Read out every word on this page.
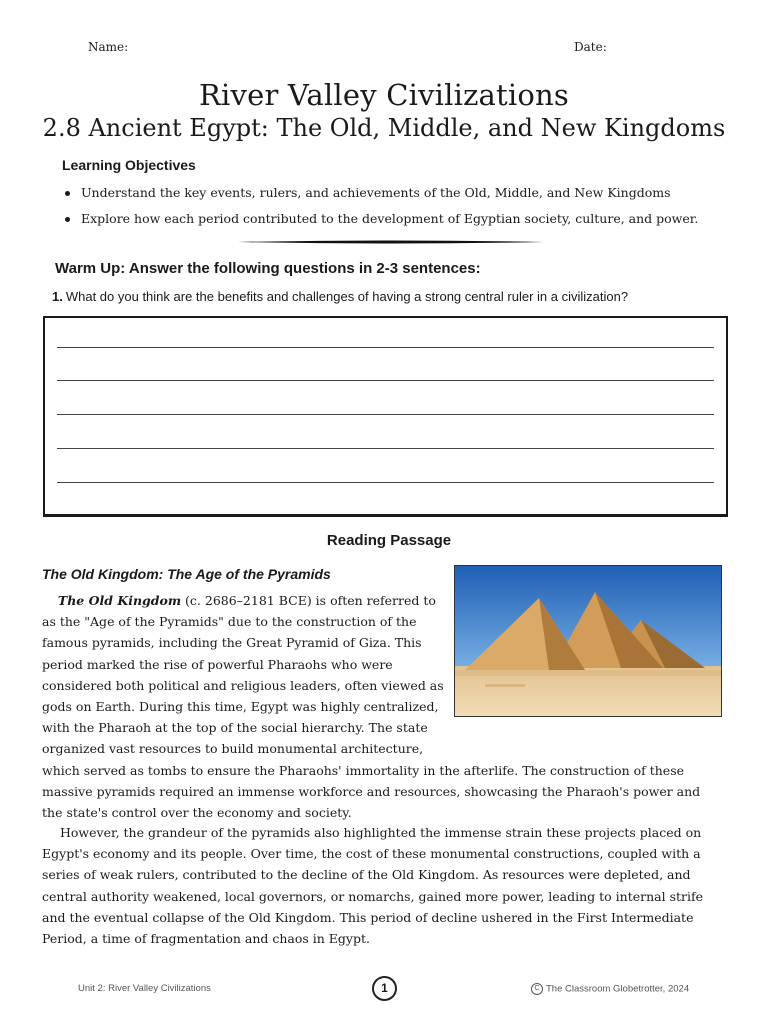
Name:	Date:
River Valley Civilizations
2.8 Ancient Egypt: The Old, Middle, and New Kingdoms
Learning Objectives
Understand the key events, rulers, and achievements of the Old, Middle, and New Kingdoms
Explore how each period contributed to the development of Egyptian society, culture, and power.
Warm Up: Answer the following questions in 2-3 sentences:
1. What do you think are the benefits and challenges of having a strong central ruler in a civilization?
Reading Passage
The Old Kingdom: The Age of the Pyramids
The Old Kingdom (c. 2686–2181 BCE) is often referred to as the "Age of the Pyramids" due to the construction of the famous pyramids, including the Great Pyramid of Giza. This period marked the rise of powerful Pharaohs who were considered both political and religious leaders, often viewed as gods on Earth. During this time, Egypt was highly centralized, with the Pharaoh at the top of the social hierarchy. The state organized vast resources to build monumental architecture, which served as tombs to ensure the Pharaohs' immortality in the afterlife. The construction of these massive pyramids required an immense workforce and resources, showcasing the Pharaoh's power and the state's control over the economy and society.

However, the grandeur of the pyramids also highlighted the immense strain these projects placed on Egypt's economy and its people. Over time, the cost of these monumental constructions, coupled with a series of weak rulers, contributed to the decline of the Old Kingdom. As resources were depleted, and central authority weakened, local governors, or nomarchs, gained more power, leading to internal strife and the eventual collapse of the Old Kingdom. This period of decline ushered in the First Intermediate Period, a time of fragmentation and chaos in Egypt.

Unit 2: River Valley Civilizations	1	C The Classroom Globetrotter, 2024
